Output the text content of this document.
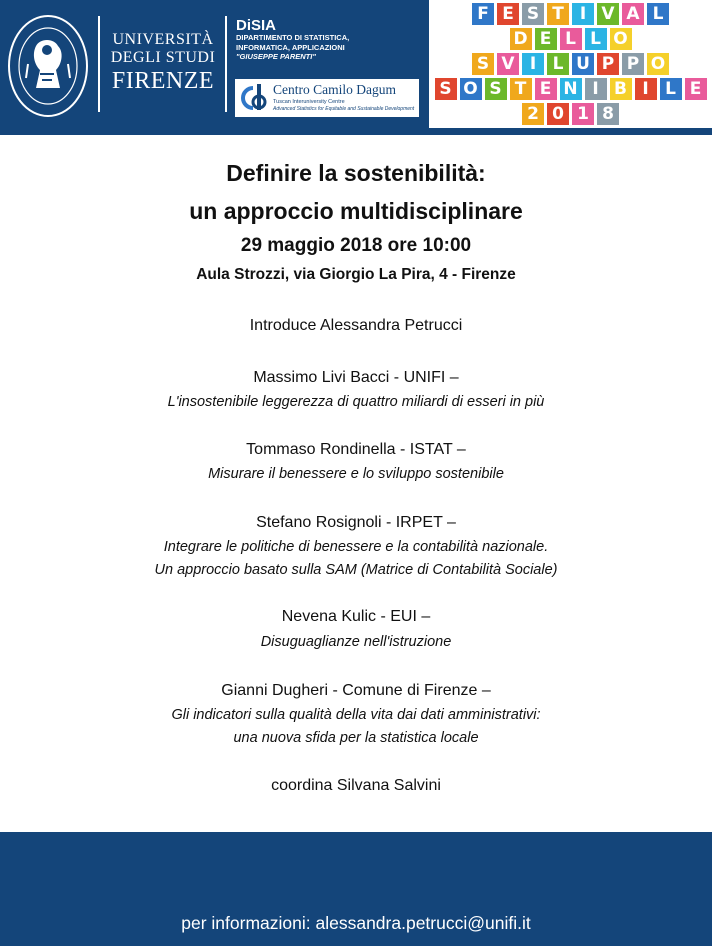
UNIVERSITÀ
DEGLI STUDI
FIRENZE
DiSIA
DIPARTIMENTO DI STATISTICA,
INFORMATICA, APPLICAZIONI
"GIUSEPPE PARENTI"
Centro Camilo Dagum
Tuscan Interuniversity Centre
Advanced Statistics for Equitable and Sustainable Development
F E S T I V A L
D E L L O
S V I L U P P O
S O S T E N I B I L E
2 0 1 8
Definire la sostenibilità:
un approccio multidisciplinare
29 maggio 2018 ore 10:00
Aula Strozzi, via Giorgio La Pira, 4 - Firenze
Introduce Alessandra Petrucci
Massimo Livi Bacci - UNIFI –
L'insostenibile leggerezza di quattro miliardi di esseri in più
Tommaso Rondinella - ISTAT –
Misurare il benessere e lo sviluppo sostenibile
Stefano Rosignoli - IRPET –
Integrare le politiche di benessere e la contabilità nazionale.
Un approccio basato sulla SAM (Matrice di Contabilità Sociale)
Nevena Kulic - EUI –
Disuguaglianze nell'istruzione
Gianni Dugheri - Comune di Firenze –
Gli indicatori sulla qualità della vita dai dati amministrativi:
una nuova sfida per la statistica locale
coordina Silvana Salvini
per informazioni: alessandra.petrucci@unifi.it
